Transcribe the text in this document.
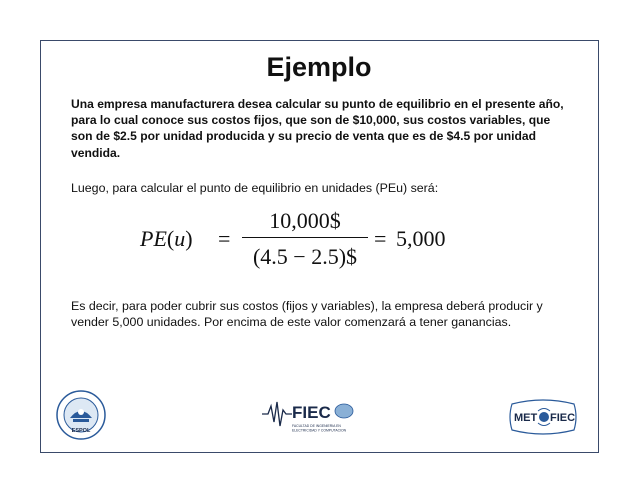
Ejemplo
Una empresa manufacturera desea calcular su punto de equilibrio en el presente año, para lo cual conoce sus costos fijos, que son de $10,000, sus costos variables, que son de $2.5 por unidad producida y su precio de venta que es de $4.5 por unidad vendida.
Luego, para calcular el punto de equilibrio en unidades (PEu) será:
PE(u) =
10,000$
(4.5 − 2.5)$
= 5,000
Es decir, para poder cubrir sus costos (fijos y variables), la empresa deberá producir y vender 5,000 unidades. Por encima de este valor comenzará a tener ganancias.
ESPOL
FIEC
FACULTAD DE INGENIERIA EN
ELECTRICIDAD Y COMPUTACION
MET FIEC
